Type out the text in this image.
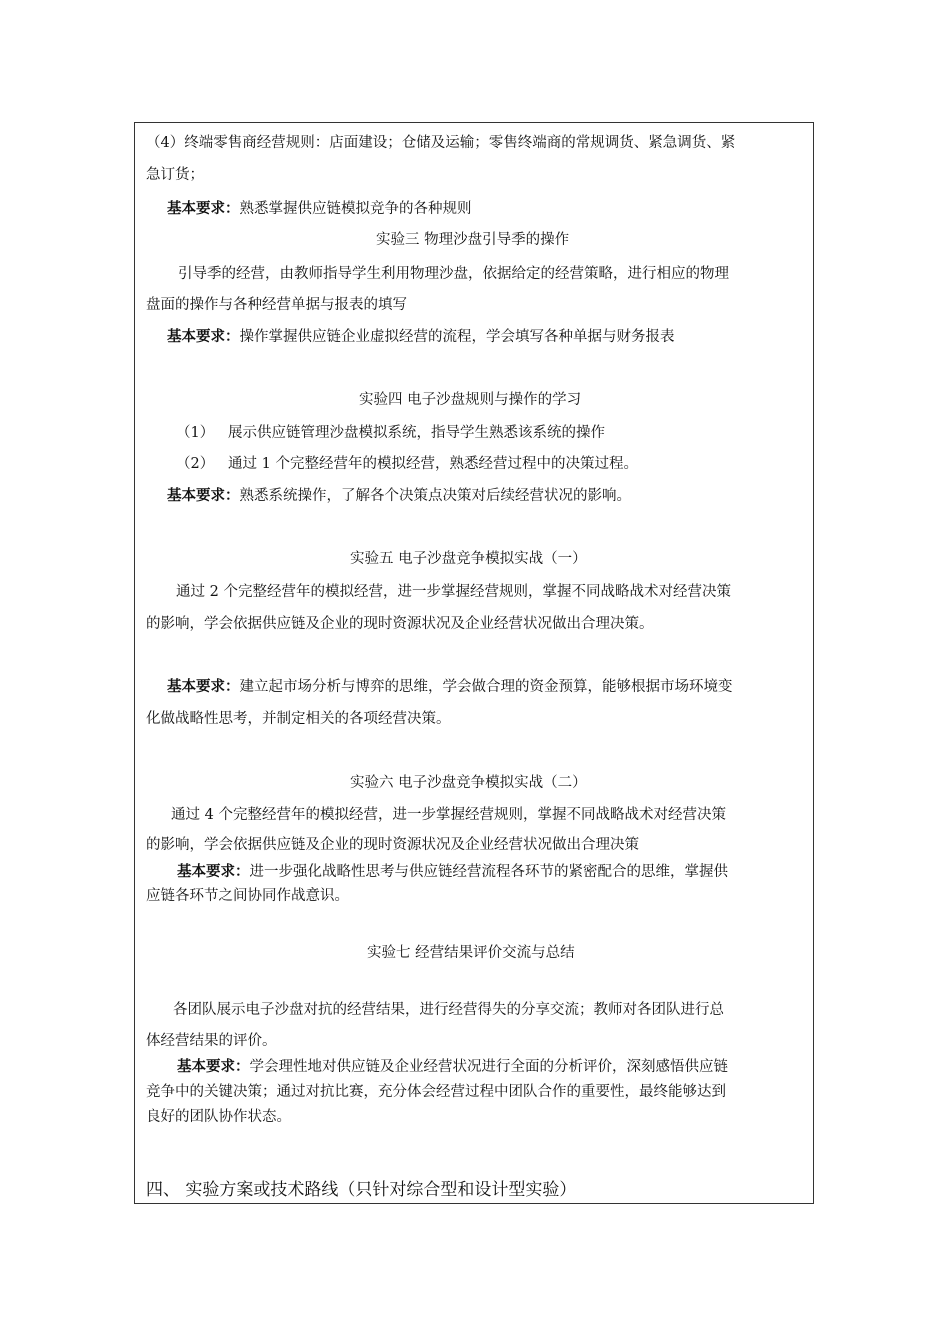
（4）终端零售商经营规则：店面建设；仓储及运输；零售终端商的常规调货、紧急调货、紧
急订货；
基本要求：熟悉掌握供应链模拟竞争的各种规则
实验三 物理沙盘引导季的操作
引导季的经营，由教师指导学生利用物理沙盘，依据给定的经营策略，进行相应的物理
盘面的操作与各种经营单据与报表的填写
基本要求：操作掌握供应链企业虚拟经营的流程，学会填写各种单据与财务报表
实验四 电子沙盘规则与操作的学习
（1） 展示供应链管理沙盘模拟系统，指导学生熟悉该系统的操作
（2） 通过 1 个完整经营年的模拟经营，熟悉经营过程中的决策过程。
基本要求：熟悉系统操作，了解各个决策点决策对后续经营状况的影响。
实验五 电子沙盘竞争模拟实战（一）
通过 2 个完整经营年的模拟经营，进一步掌握经营规则，掌握不同战略战术对经营决策
的影响，学会依据供应链及企业的现时资源状况及企业经营状况做出合理决策。
基本要求：建立起市场分析与博弈的思维，学会做合理的资金预算，能够根据市场环境变
化做战略性思考，并制定相关的各项经营决策。
实验六 电子沙盘竞争模拟实战（二）
通过 4 个完整经营年的模拟经营，进一步掌握经营规则，掌握不同战略战术对经营决策
的影响，学会依据供应链及企业的现时资源状况及企业经营状况做出合理决策
基本要求：进一步强化战略性思考与供应链经营流程各环节的紧密配合的思维，掌握供
应链各环节之间协同作战意识。
实验七 经营结果评价交流与总结
各团队展示电子沙盘对抗的经营结果，进行经营得失的分享交流；教师对各团队进行总
体经营结果的评价。
基本要求：学会理性地对供应链及企业经营状况进行全面的分析评价，深刻感悟供应链
竞争中的关键决策；通过对抗比赛，充分体会经营过程中团队合作的重要性，最终能够达到
良好的团队协作状态。
四、 实验方案或技术路线（只针对综合型和设计型实验）
